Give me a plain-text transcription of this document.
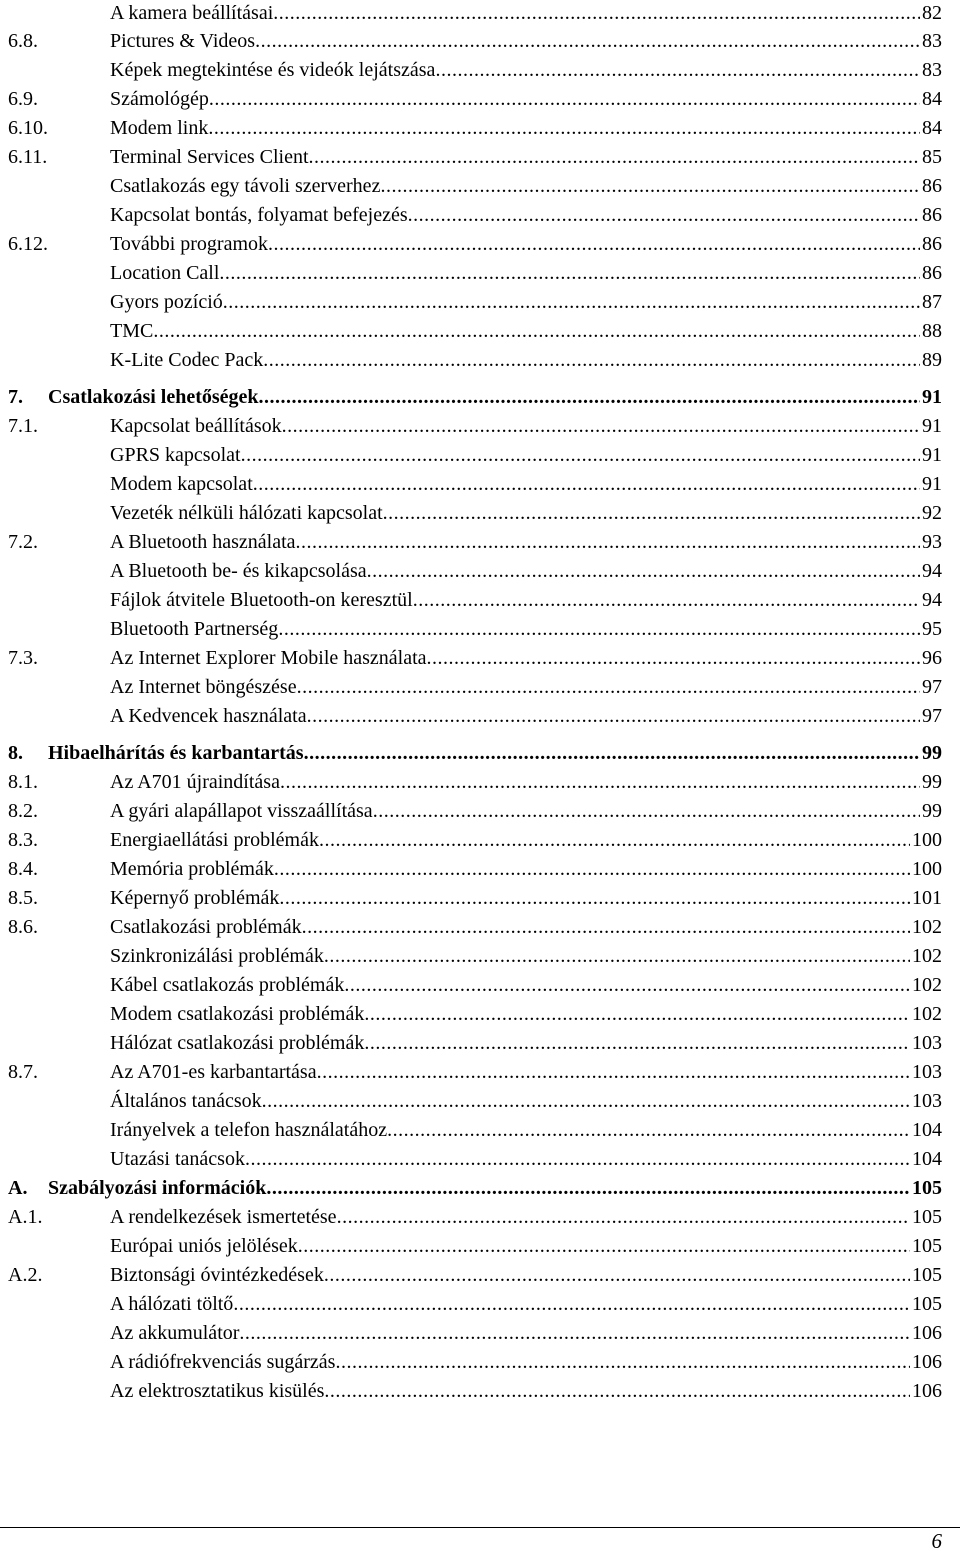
A kamera beállításai .....	82
6.8.	Pictures & Videos .....	83
Képek megtekintése és videók lejátszása .....	83
6.9.	Számológép .....	84
6.10.	Modem link .....	84
6.11.	Terminal Services Client .....	85
Csatlakozás egy távoli szerverhez .....	86
Kapcsolat bontás, folyamat befejezés .....	86
6.12.	További programok .....	86
Location Call .....	86
Gyors pozíció .....	87
TMC .....	88
K-Lite Codec Pack .....	89
7. Csatlakozási lehetőségek .....	91
7.1.	Kapcsolat beállítások .....	91
GPRS kapcsolat .....	91
Modem kapcsolat .....	91
Vezeték nélküli hálózati kapcsolat .....	92
7.2.	A Bluetooth használata .....	93
A Bluetooth be- és kikapcsolása .....	94
Fájlok átvitele Bluetooth-on keresztül .....	94
Bluetooth Partnerség .....	95
7.3.	Az Internet Explorer Mobile használata .....	96
Az Internet böngészése .....	97
A Kedvencek használata .....	97
8. Hibaelhárítás és karbantartás .....	99
8.1.	Az A701 újraindítása .....	99
8.2.	A gyári alapállapot visszaállítása .....	99
8.3.	Energiaellátási problémák .....	100
8.4.	Memória problémák .....	100
8.5.	Képernyő problémák .....	101
8.6.	Csatlakozási problémák .....	102
Szinkronizálási problémák .....	102
Kábel csatlakozás problémák .....	102
Modem csatlakozási problémák .....	102
Hálózat csatlakozási problémák .....	103
8.7.	Az A701-es karbantartása .....	103
Általános tanácsok .....	103
Irányelvek a telefon használatához .....	104
Utazási tanácsok .....	104
A. Szabályozási információk .....	105
A.1.	A rendelkezések ismertetése .....	105
Európai uniós jelölések .....	105
A.2.	Biztonsági óvintézkedések .....	105
A hálózati töltő .....	105
Az akkumulátor .....	106
A rádiófrekvenciás sugárzás .....	106
Az elektrosztatikus kisülés .....	106
6
